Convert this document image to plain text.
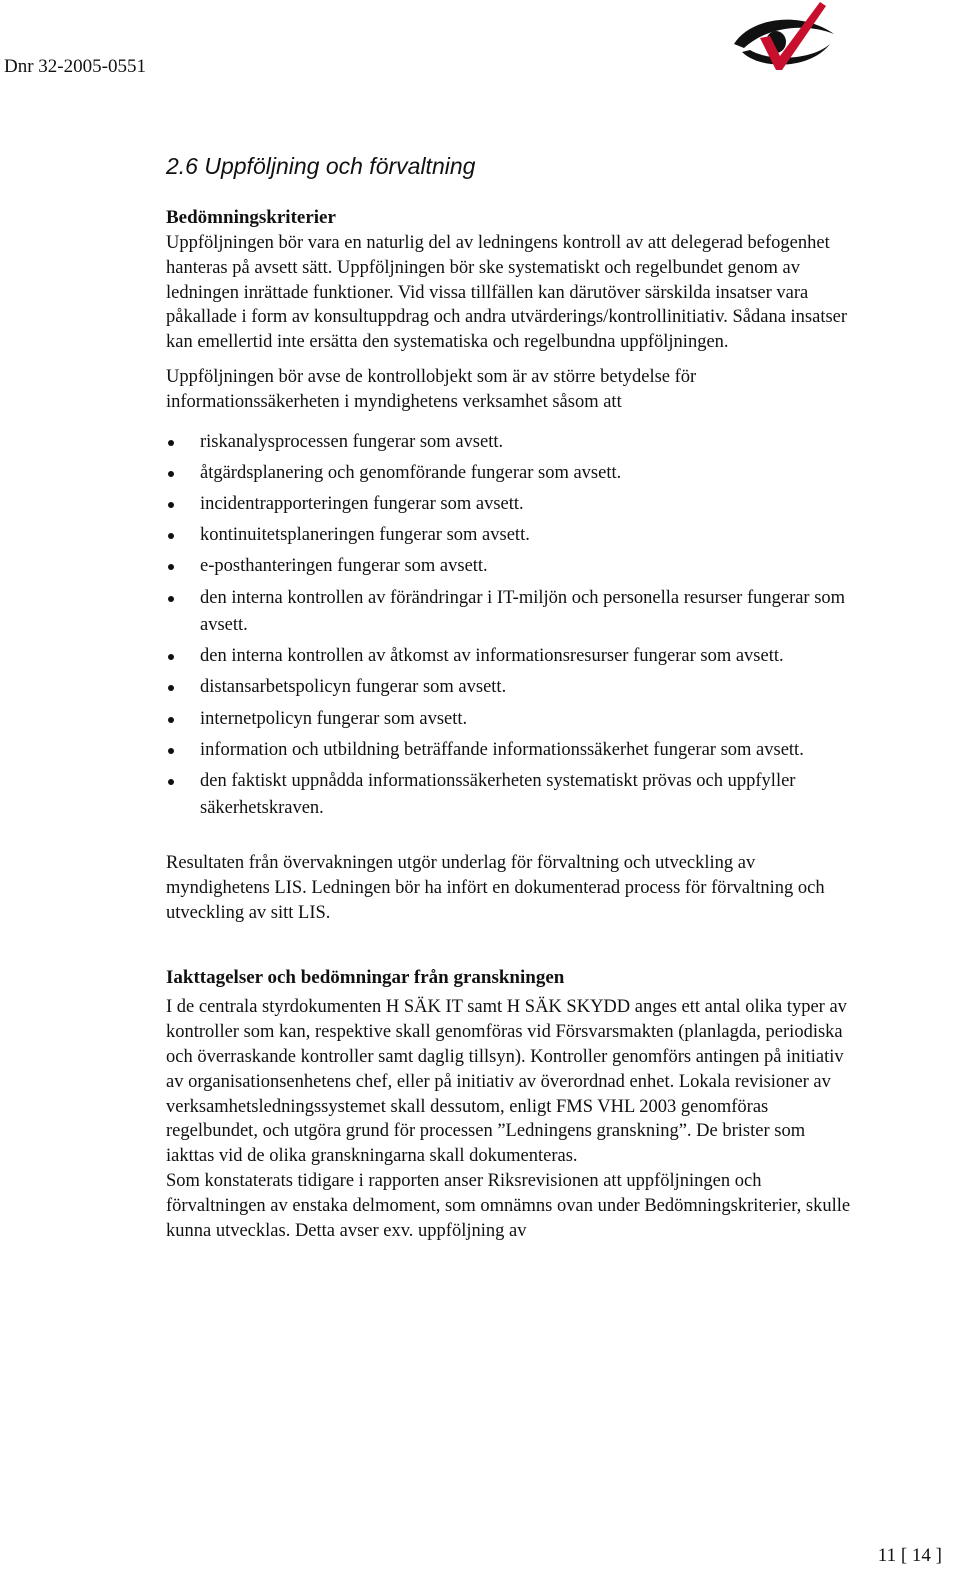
Dnr 32-2005-0551
2.6 Uppföljning och förvaltning
Bedömningskriterier

Uppföljningen bör vara en naturlig del av ledningens kontroll av att delegerad befogenhet hanteras på avsett sätt. Uppföljningen bör ske systematiskt och regelbundet genom av ledningen inrättade funktioner. Vid vissa tillfällen kan därutöver särskilda insatser vara påkallade i form av konsultuppdrag och andra utvärderings/kontrollinitiativ. Sådana insatser kan emellertid inte ersätta den systematiska och regelbundna uppföljningen.

Uppföljningen bör avse de kontrollobjekt som är av större betydelse för informationssäkerheten i myndighetens verksamhet såsom att

riskanalysprocessen fungerar som avsett.
åtgärdsplanering och genomförande fungerar som avsett.
incidentrapporteringen fungerar som avsett.
kontinuitetsplaneringen fungerar som avsett.
e-posthanteringen fungerar som avsett.
den interna kontrollen av förändringar i IT-miljön och personella resurser fungerar som avsett.
den interna kontrollen av åtkomst av informationsresurser fungerar som avsett.
distansarbetspolicyn fungerar som avsett.
internetpolicyn fungerar som avsett.
information och utbildning beträffande informationssäkerhet fungerar som avsett.
den faktiskt uppnådda informationssäkerheten systematiskt prövas och uppfyller säkerhetskraven.

Resultaten från övervakningen utgör underlag för förvaltning och utveckling av myndighetens LIS. Ledningen bör ha infört en dokumenterad process för förvaltning och utveckling av sitt LIS.

Iakttagelser och bedömningar från granskningen

I de centrala styrdokumenten H SÄK IT samt H SÄK SKYDD anges ett antal olika typer av kontroller som kan, respektive skall genomföras vid Försvarsmakten (planlagda, periodiska och överraskande kontroller samt daglig tillsyn). Kontroller genomförs antingen på initiativ av organisationsenhetens chef, eller på initiativ av överordnad enhet. Lokala revisioner av verksamhetsledningssystemet skall dessutom, enligt FMS VHL 2003 genomföras regelbundet, och utgöra grund för processen ”Ledningens granskning”. De brister som iakttas vid de olika granskningarna skall dokumenteras.

Som konstaterats tidigare i rapporten anser Riksrevisionen att uppföljningen och förvaltningen av enstaka delmoment, som omnämns ovan under Bedömningskriterier, skulle kunna utvecklas. Detta avser exv. uppföljning av

11 [ 14 ]
